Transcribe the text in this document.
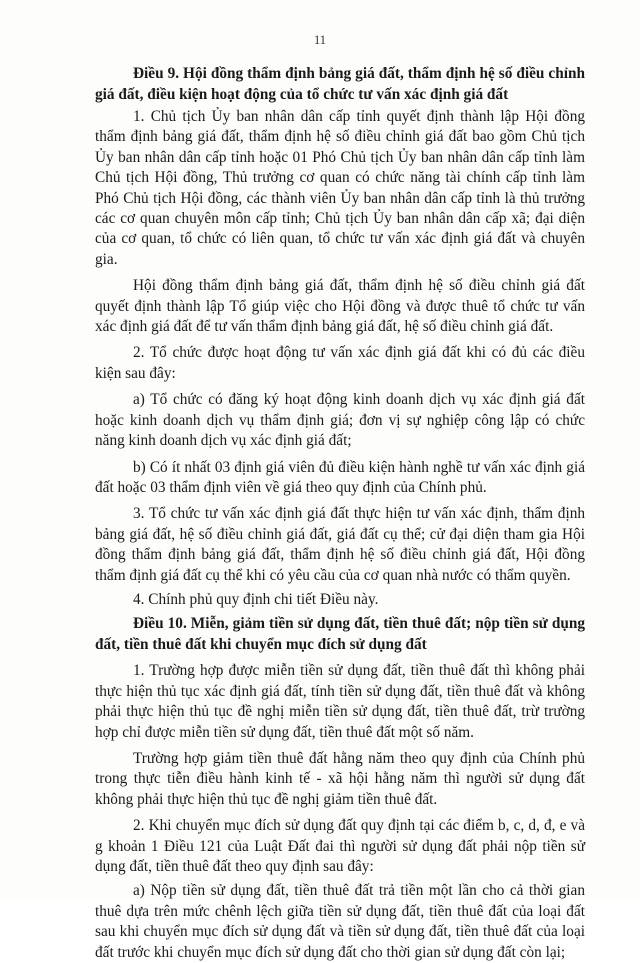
11

Điều 9. Hội đồng thẩm định bảng giá đất, thẩm định hệ số điều chỉnh giá đất, điều kiện hoạt động của tổ chức tư vấn xác định giá đất

1. Chủ tịch Ủy ban nhân dân cấp tỉnh quyết định thành lập Hội đồng thẩm định bảng giá đất, thẩm định hệ số điều chỉnh giá đất bao gồm Chủ tịch Ủy ban nhân dân cấp tỉnh hoặc 01 Phó Chủ tịch Ủy ban nhân dân cấp tỉnh làm Chủ tịch Hội đồng, Thủ trưởng cơ quan có chức năng tài chính cấp tỉnh làm Phó Chủ tịch Hội đồng, các thành viên Ủy ban nhân dân cấp tỉnh là thủ trưởng các cơ quan chuyên môn cấp tỉnh; Chủ tịch Ủy ban nhân dân cấp xã; đại diện của cơ quan, tổ chức có liên quan, tổ chức tư vấn xác định giá đất và chuyên gia.

Hội đồng thẩm định bảng giá đất, thẩm định hệ số điều chỉnh giá đất quyết định thành lập Tổ giúp việc cho Hội đồng và được thuê tổ chức tư vấn xác định giá đất để tư vấn thẩm định bảng giá đất, hệ số điều chỉnh giá đất.

2. Tổ chức được hoạt động tư vấn xác định giá đất khi có đủ các điều kiện sau đây:

a) Tổ chức có đăng ký hoạt động kinh doanh dịch vụ xác định giá đất hoặc kinh doanh dịch vụ thẩm định giá; đơn vị sự nghiệp công lập có chức năng kinh doanh dịch vụ xác định giá đất;

b) Có ít nhất 03 định giá viên đủ điều kiện hành nghề tư vấn xác định giá đất hoặc 03 thẩm định viên về giá theo quy định của Chính phủ.

3. Tổ chức tư vấn xác định giá đất thực hiện tư vấn xác định, thẩm định bảng giá đất, hệ số điều chỉnh giá đất, giá đất cụ thể; cử đại diện tham gia Hội đồng thẩm định bảng giá đất, thẩm định hệ số điều chỉnh giá đất, Hội đồng thẩm định giá đất cụ thể khi có yêu cầu của cơ quan nhà nước có thẩm quyền.

4. Chính phủ quy định chi tiết Điều này.

Điều 10. Miễn, giảm tiền sử dụng đất, tiền thuê đất; nộp tiền sử dụng đất, tiền thuê đất khi chuyển mục đích sử dụng đất

1. Trường hợp được miễn tiền sử dụng đất, tiền thuê đất thì không phải thực hiện thủ tục xác định giá đất, tính tiền sử dụng đất, tiền thuê đất và không phải thực hiện thủ tục đề nghị miễn tiền sử dụng đất, tiền thuê đất, trừ trường hợp chỉ được miễn tiền sử dụng đất, tiền thuê đất một số năm.

Trường hợp giảm tiền thuê đất hằng năm theo quy định của Chính phủ trong thực tiễn điều hành kinh tế - xã hội hằng năm thì người sử dụng đất không phải thực hiện thủ tục đề nghị giảm tiền thuê đất.

2. Khi chuyển mục đích sử dụng đất quy định tại các điểm b, c, d, đ, e và g khoản 1 Điều 121 của Luật Đất đai thì người sử dụng đất phải nộp tiền sử dụng đất, tiền thuê đất theo quy định sau đây:

a) Nộp tiền sử dụng đất, tiền thuê đất trả tiền một lần cho cả thời gian thuê dựa trên mức chênh lệch giữa tiền sử dụng đất, tiền thuê đất của loại đất sau khi chuyển mục đích sử dụng đất và tiền sử dụng đất, tiền thuê đất của loại đất trước khi chuyển mục đích sử dụng đất cho thời gian sử dụng đất còn lại;
